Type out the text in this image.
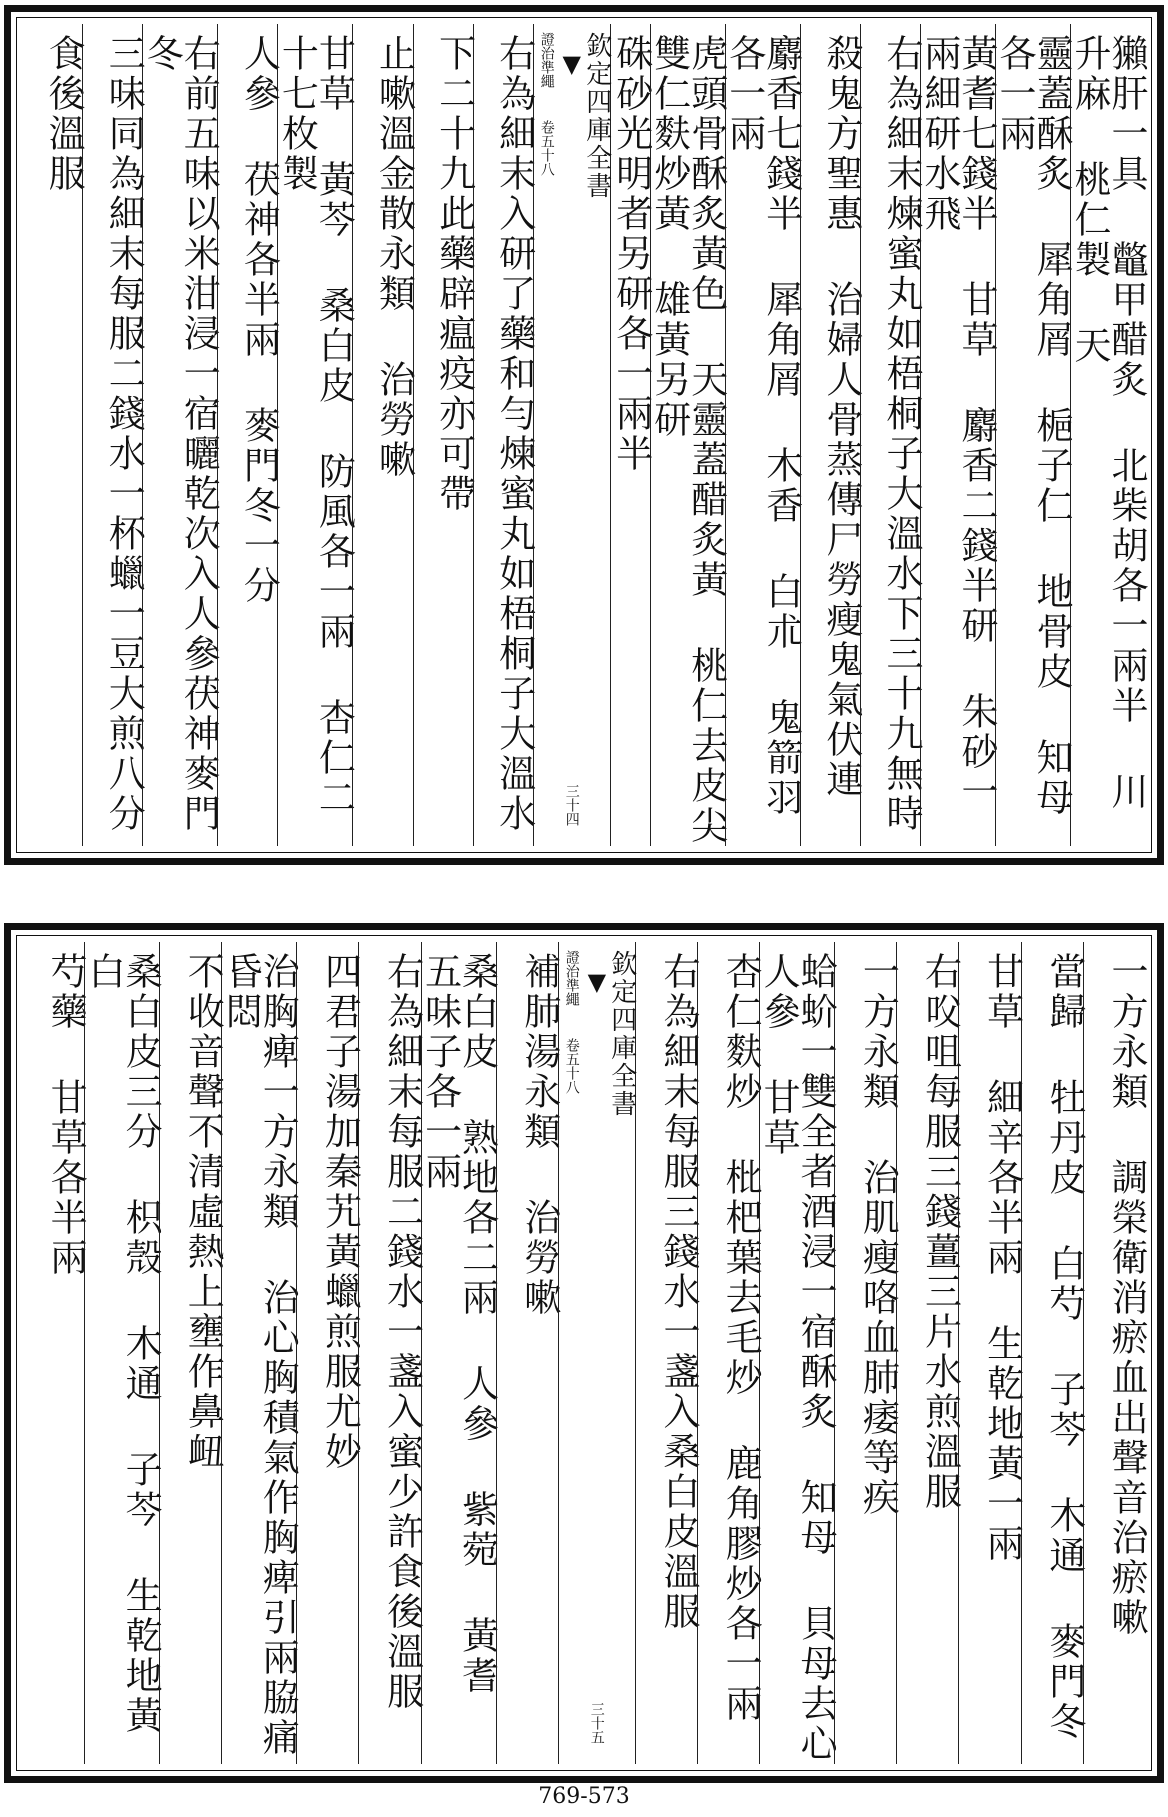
獺肝一具 鼈甲醋炙 北柴胡各一兩半 川升麻 桃仁製 天
靈蓋酥炙 犀角屑 梔子仁 地骨皮 知母各一兩
黃耆七錢半 甘草 麝香二錢半研 朱砂一兩細研水飛
右為細末煉蜜丸如梧桐子大溫水下三十九無時
殺鬼方聖惠 治婦人骨蒸傳尸勞瘦鬼氣伏連
麝香七錢半 犀角屑 木香 白朮 鬼箭羽各一兩
虎頭骨酥炙黃色 天靈蓋醋炙黃 桃仁去皮尖雙仁麩炒黃 雄黃另研
硃砂光明者另研各一兩半
欽定四庫全書
▼
證治準繩 卷五十八
三十四
右為細末入研了藥和勻煉蜜丸如梧桐子大溫水
下二十九此藥辟瘟疫亦可帶
止嗽溫金散永類 治勞嗽
甘草 黃芩 桑白皮 防風各一兩 杏仁二十七枚製
人參 茯神各半兩 麥門冬一分
右前五味以米泔浸一宿曬乾次入人參茯神麥門冬
三味同為細末每服二錢水一杯蠟一豆大煎八分
食後溫服
一方永類 調榮衛消瘀血出聲音治瘀嗽
當歸 牡丹皮 白芍 子芩 木通 麥門冬
甘草 細辛各半兩 生乾地黃一兩
右㕮咀每服三錢薑三片水煎溫服
一方永類 治肌瘦咯血肺痿等疾
蛤蚧一雙全者酒浸一宿酥炙 知母 貝母去心 人參 甘草
杏仁麩炒 枇杷葉去毛炒 鹿角膠炒各一兩
右為細末每服三錢水一盞入桑白皮溫服
欽定四庫全書
▼
證治準繩 卷五十八
三十五
補肺湯永類 治勞嗽
桑白皮 熟地各二兩 人參 紫菀 黃耆 五味子各一兩
右為細末每服二錢水一盞入蜜少許食後溫服
四君子湯加秦艽黃蠟煎服尤妙
治胸痺一方永類 治心胸積氣作胸痺引兩脇痛昏悶
不收音聲不清虛熱上壅作鼻衄
桑白皮三分 枳殼 木通 子芩 生乾地黃 白
芍藥 甘草各半兩
769-573
